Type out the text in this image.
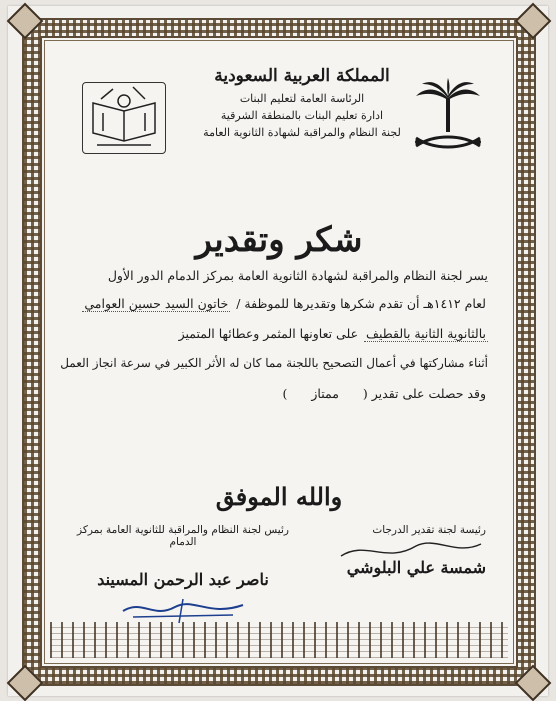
المملكة العربية السعودية
الرئاسة العامة لتعليم البنات
ادارة تعليم البنات بالمنطقة الشرقية
لجنة النظام والمراقبة لشهادة الثانوية العامة
شكر وتقدير
يسر لجنة النظام والمراقبة لشهادة الثانوية العامة بمركز الدمام الدور الأول
لعام ١٤١٢هـ أن تقدم شكرها وتقديرها للموظفة / خاتون السيد حسين العوامي
بالثانوية الثانية بالقطيف على تعاونها المثمر وعطائها المتميز
أثناء مشاركتها في أعمال التصحيح باللجنة مما كان له الأثر الكبير في سرعة انجاز العمل
وقد حصلت على تقدير ( ممتاز )
والله الموفق
رئيسة لجنة تقدير الدرجات
شمسة علي البلوشي
رئيس لجنة النظام والمراقبة للثانوية العامة بمركز الدمام
ناصر عبد الرحمن المسيند
